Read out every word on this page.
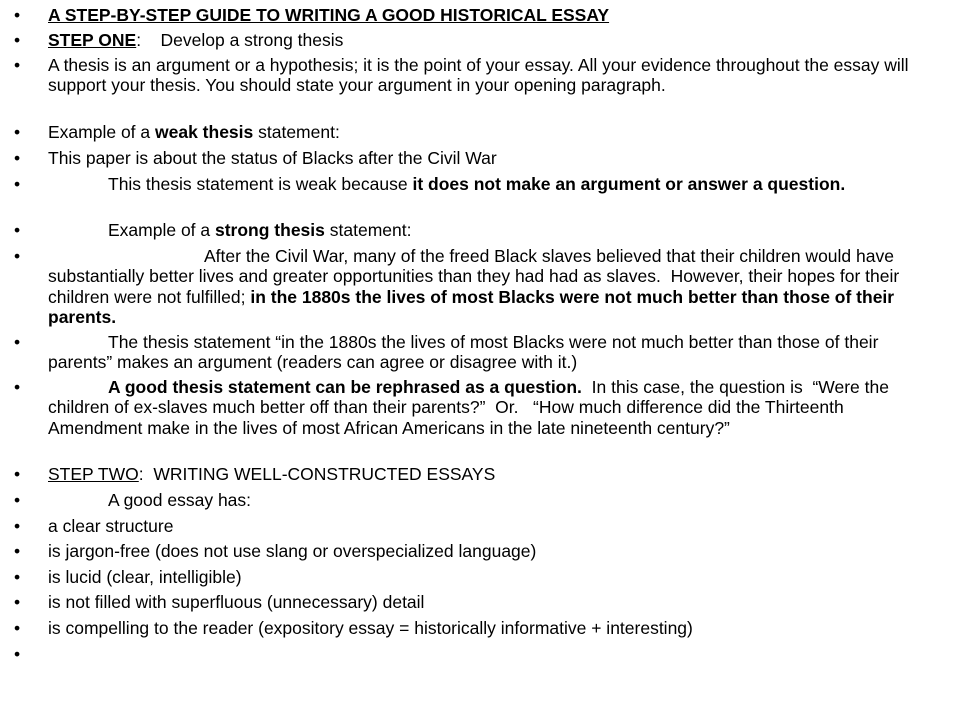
•	A STEP-BY-STEP GUIDE TO WRITING A GOOD HISTORICAL ESSAY
•	STEP ONE:    Develop a strong thesis
•	A thesis is an argument or a hypothesis; it is the point of your essay. All your evidence throughout the essay will support your thesis. You should state your argument in your opening paragraph.
•	Example of a weak thesis statement:
•	This paper is about the status of Blacks after the Civil War
•	This thesis statement is weak because it does not make an argument or answer a question.
•	Example of a strong thesis statement:
•	After the Civil War, many of the freed Black slaves believed that their children would have substantially better lives and greater opportunities than they had had as slaves.  However, their hopes for their children were not fulfilled; in the 1880s the lives of most Blacks were not much better than those of their parents.
•	The thesis statement “in the 1880s the lives of most Blacks were not much better than those of their parents” makes an argument (readers can agree or disagree with it.)
•	A good thesis statement can be rephrased as a question.  In this case, the question is  “Were the children of ex-slaves much better off than their parents?”  Or.   “How much difference did the Thirteenth Amendment make in the lives of most African Americans in the late nineteenth century?”
•	STEP TWO:  WRITING WELL-CONSTRUCTED ESSAYS
•	A good essay has:
•	a clear structure
•	is jargon-free (does not use slang or overspecialized language)
•	is lucid (clear, intelligible)
•	is not filled with superfluous (unnecessary) detail
•	is compelling to the reader (expository essay = historically informative + interesting)
•
